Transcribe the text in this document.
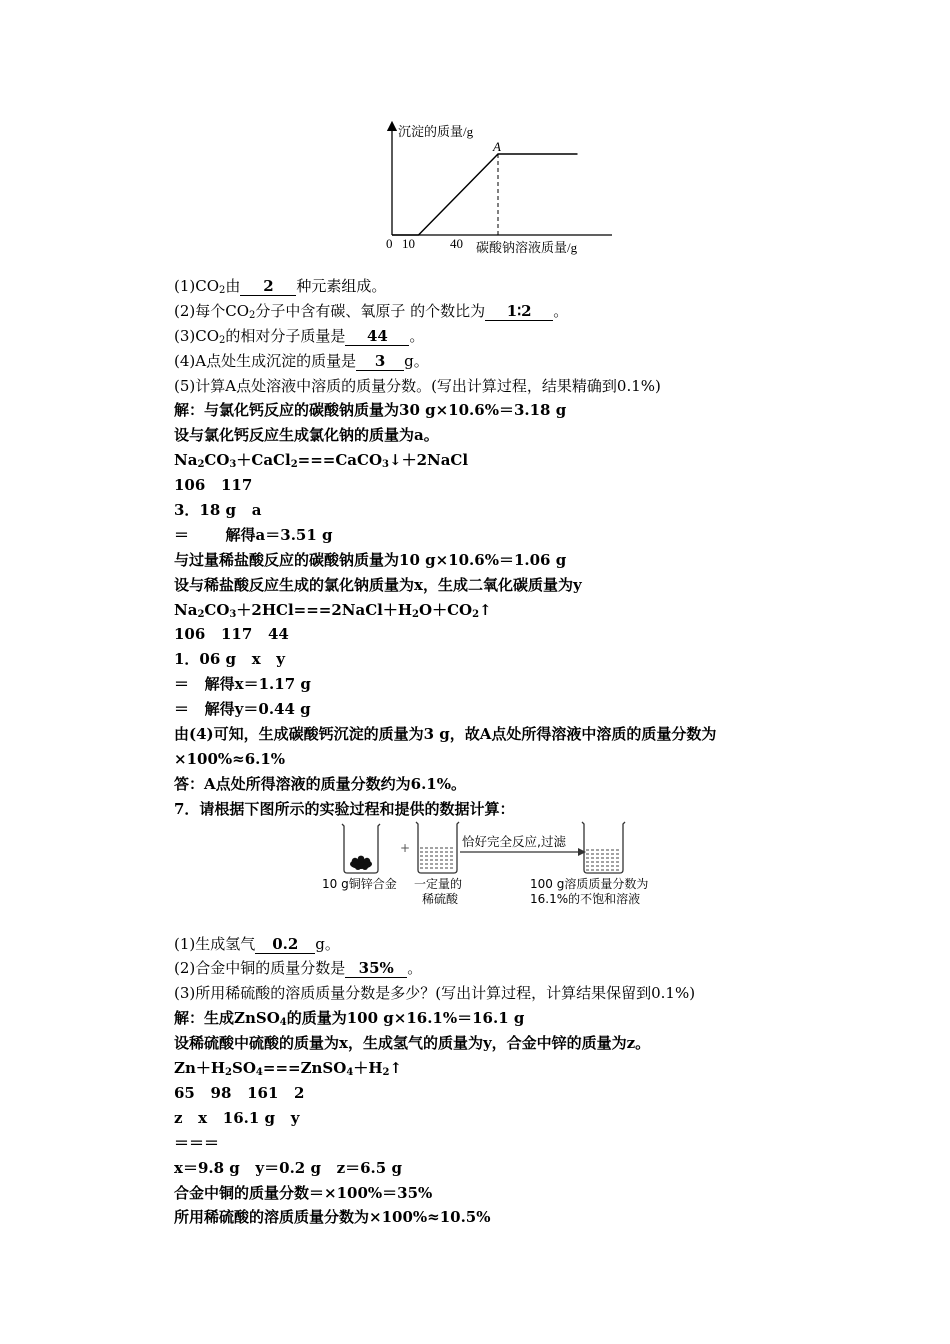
沉淀的质量/g
0 10	40 碳酸钠溶液质量/g
A
$(1)CO_2$由 2 种元素组成。
(2)每个$CO_2$分子中含有碳、氧原子 的个数比为 1∶2 。
$(3)CO_2$的相对分子质量是 44 。
(4)A点处生成沉淀的质量是 3 g。
(5)计算A点处溶液中溶质的质量分数。(写出计算过程，结果精确到0.1%)
解：与氯化钙反应的碳酸钠质量为30 g×10.6%＝3.18 g
设与氯化钙反应生成氯化钠的质量为a。
$Na_2CO_3+CaCl_2===CaCO_3↓+2NaCl$
106   117
3．18 g   a
＝       解得a＝3.51 g
与过量稀盐酸反应的碳酸钠质量为10 g×10.6%＝1.06 g
设与稀盐酸反应生成的氯化钠质量为x，生成二氧化碳质量为y
$Na_2CO_3+2HCl===2NaCl+H_2O+CO_2↑$
106   117   44
1．06 g   x   y
＝   解得x＝1.17 g
＝   解得y＝0.44 g
由(4)可知，生成碳酸钙沉淀的质量为3 g，故A点处所得溶液中溶质的质量分数为
×100%≈6.1%
答：A点处所得溶液的质量分数约为6.1%。
7．请根据下图所示的实验过程和提供的数据计算：
(1)生成氢气 0.2 g。
(2)合金中铜的质量分数是 35% 。
(3)所用稀硫酸的溶质质量分数是多少？(写出计算过程，计算结果保留到0.1%)
解：生成ZnSO$_4$的质量为100 g×16.1%＝16.1 g
设稀硫酸中硫酸的质量为x，生成氢气的质量为y，合金中锌的质量为z。
$Zn+H_2SO_4===ZnSO_4+H_2↑$
65   98   161   2
z   x   16.1 g   y
＝＝＝
x＝9.8 g   y＝0.2 g   z＝6.5 g
合金中铜的质量分数＝×100%＝35%
所用稀硫酸的溶质质量分数为×100%≈10.5%
+	恰好完全反应,过滤
10 g铜锌合金 一定量的
稀硫酸
100 g溶质质量分数为
16.1%的不饱和溶液
